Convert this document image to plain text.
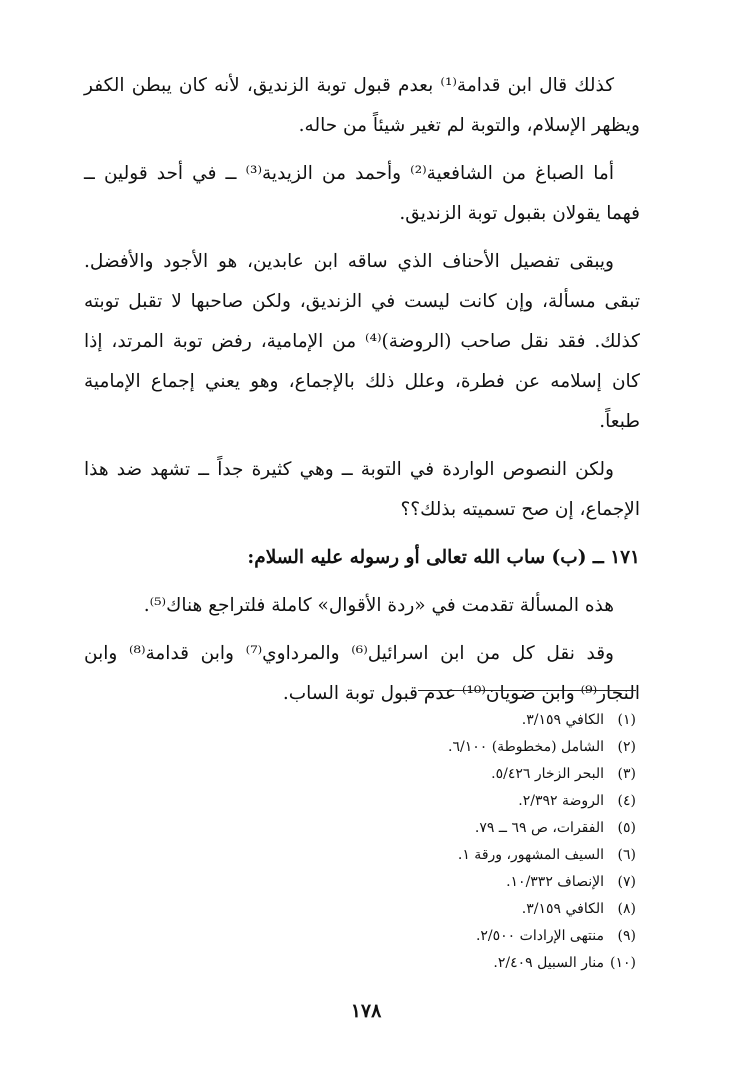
كذلك قال ابن قدامة⁽¹⁾ بعدم قبول توبة الزنديق، لأنه كان يبطن الكفر ويظهر الإسلام، والتوبة لم تغير شيئاً من حاله.

أما الصباغ من الشافعية⁽²⁾ وأحمد من الزيدية⁽³⁾ ــ في أحد قولين ــ فهما يقولان بقبول توبة الزنديق.

ويبقى تفصيل الأحناف الذي ساقه ابن عابدين، هو الأجود والأفضل. تبقى مسألة، وإن كانت ليست في الزنديق، ولكن صاحبها لا تقبل توبته كذلك. فقد نقل صاحب (الروضة)⁽⁴⁾ من الإمامية، رفض توبة المرتد، إذا كان إسلامه عن فطرة، وعلل ذلك بالإجماع، وهو يعني إجماع الإمامية طبعاً.

ولكن النصوص الواردة في التوبة ــ وهي كثيرة جداً ــ تشهد ضد هذا الإجماع، إن صح تسميته بذلك؟؟

١٧١ ــ (ب) ساب الله تعالى أو رسوله عليه السلام:

هذه المسألة تقدمت في «ردة الأقوال» كاملة فلتراجع هناك⁽⁵⁾.

وقد نقل كل من ابن اسرائيل⁽⁶⁾ والمرداوي⁽⁷⁾ وابن قدامة⁽⁸⁾ وابن النجار⁽⁹⁾ وابن ضويان⁽¹⁰⁾ عدم قبول توبة الساب.

(١)الكافي ٣/١٥٩.
(٢)الشامل (مخطوطة) ٦/١٠٠.
(٣)البحر الزخار ٥/٤٢٦.
(٤)الروضة ٢/٣٩٢.
(٥)الفقرات، ص ٦٩ ــ ٧٩.
(٦)السيف المشهور، ورقة ١.
(٧)الإنصاف ١٠/٣٣٢.
(٨)الكافي ٣/١٥٩.
(٩)منتهى الإرادات ٢/٥٠٠.
(١٠)منار السبيل ٢/٤٠٩.
١٧٨
